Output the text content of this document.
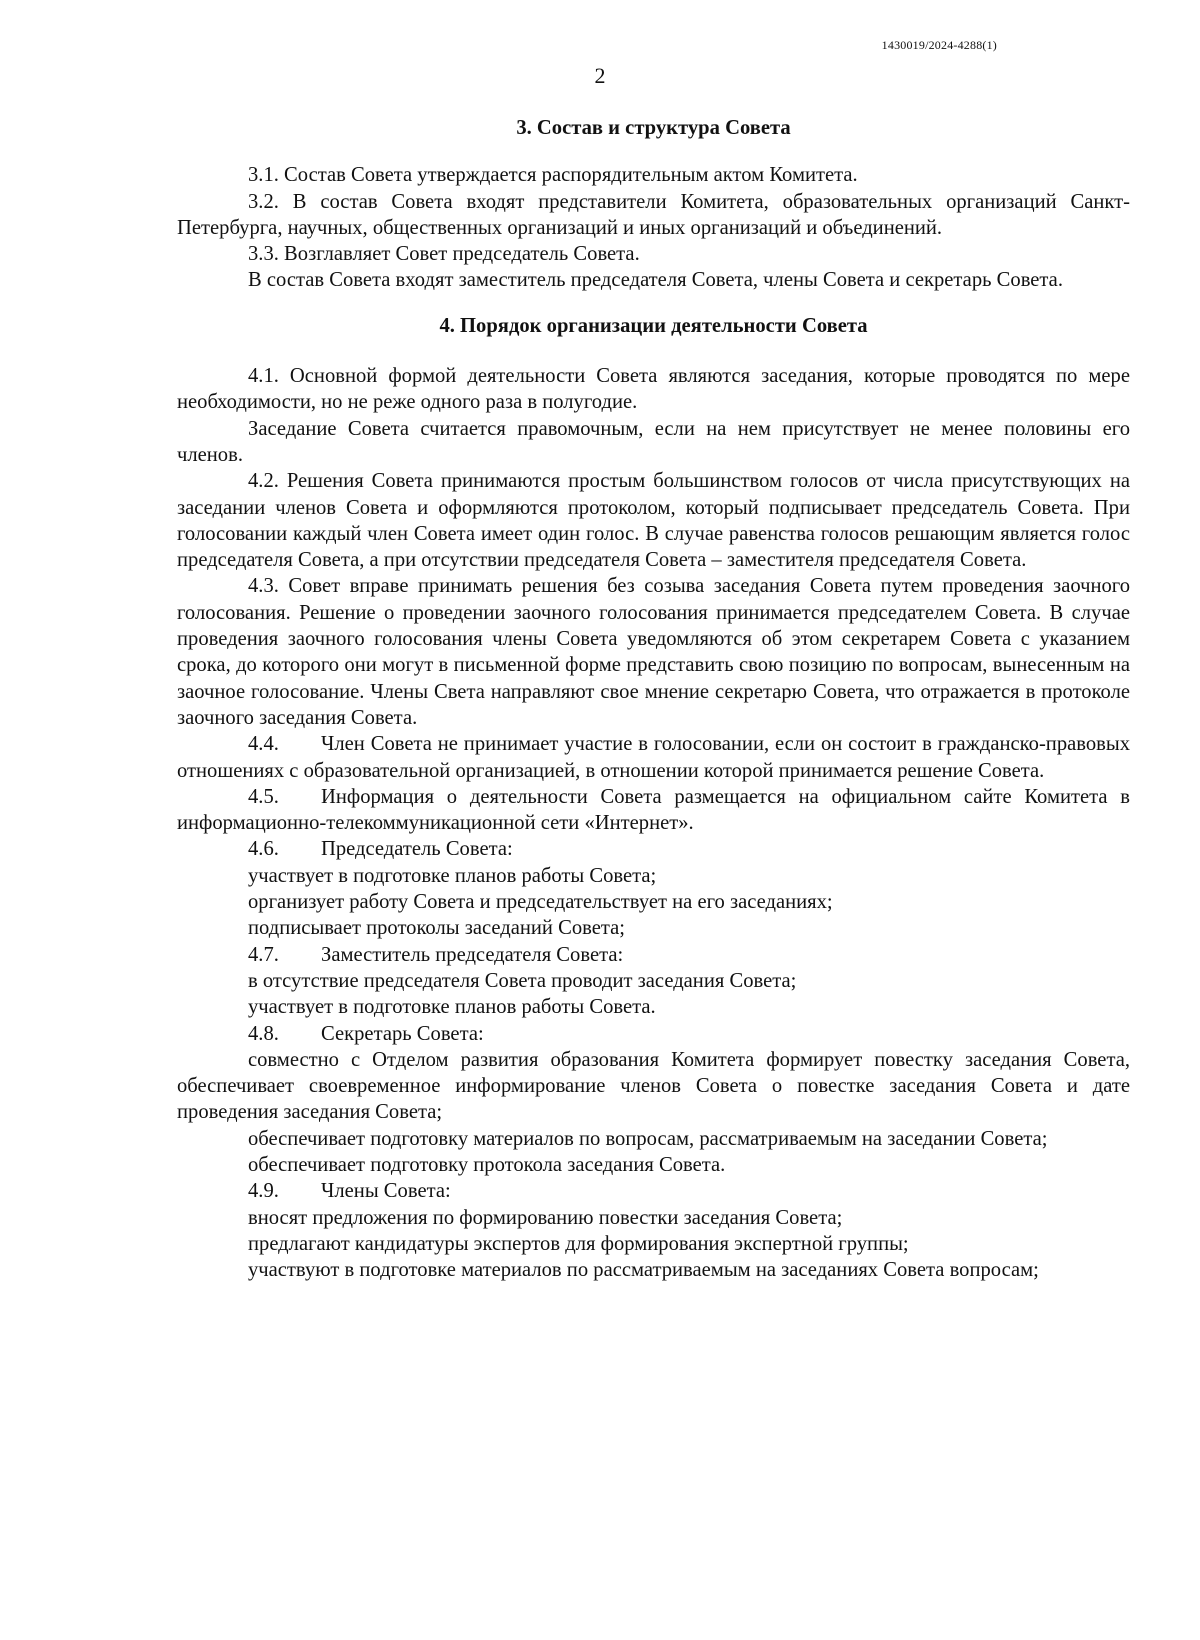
1430019/2024-4288(1)
2
3. Состав и структура Совета

3.1. Состав Совета утверждается распорядительным актом Комитета.

3.2. В состав Совета входят представители Комитета, образовательных организаций Санкт-Петербурга, научных, общественных организаций и иных организаций и объединений.

3.3. Возглавляет Совет председатель Совета.

В состав Совета входят заместитель председателя Совета, члены Совета и секретарь Совета.

4. Порядок организации деятельности Совета

4.1. Основной формой деятельности Совета являются заседания, которые проводятся по мере необходимости, но не реже одного раза в полугодие.

Заседание Совета считается правомочным, если на нем присутствует не менее половины его членов.

4.2. Решения Совета принимаются простым большинством голосов от числа присутствующих на заседании членов Совета и оформляются протоколом, который подписывает председатель Совета. При голосовании каждый член Совета имеет один голос. В случае равенства голосов решающим является голос председателя Совета, а при отсутствии председателя Совета – заместителя председателя Совета.

4.3. Совет вправе принимать решения без созыва заседания Совета путем проведения заочного голосования. Решение о проведении заочного голосования принимается председателем Совета. В случае проведения заочного голосования члены Совета уведомляются об этом секретарем Совета с указанием срока, до которого они могут в письменной форме представить свою позицию по вопросам, вынесенным на заочное голосование. Члены Света направляют свое мнение секретарю Совета, что отражается в протоколе заочного заседания Совета.

4.4. Член Совета не принимает участие в голосовании, если он состоит в гражданско-правовых отношениях с образовательной организацией, в отношении которой принимается решение Совета.

4.5. Информация о деятельности Совета размещается на официальном сайте Комитета в информационно-телекоммуникационной сети «Интернет».

4.6. Председатель Совета:

участвует в подготовке планов работы Совета;

организует работу Совета и председательствует на его заседаниях;

подписывает протоколы заседаний Совета;

4.7. Заместитель председателя Совета:

в отсутствие председателя Совета проводит заседания Совета;

участвует в подготовке планов работы Совета.

4.8. Секретарь Совета:

совместно с Отделом развития образования Комитета формирует повестку заседания Совета, обеспечивает своевременное информирование членов Совета о повестке заседания Совета и дате проведения заседания Совета;

обеспечивает подготовку материалов по вопросам, рассматриваемым на заседании Совета;

обеспечивает подготовку протокола заседания Совета.

4.9. Члены Совета:

вносят предложения по формированию повестки заседания Совета;

предлагают кандидатуры экспертов для формирования экспертной группы;

участвуют в подготовке материалов по рассматриваемым на заседаниях Совета вопросам;
